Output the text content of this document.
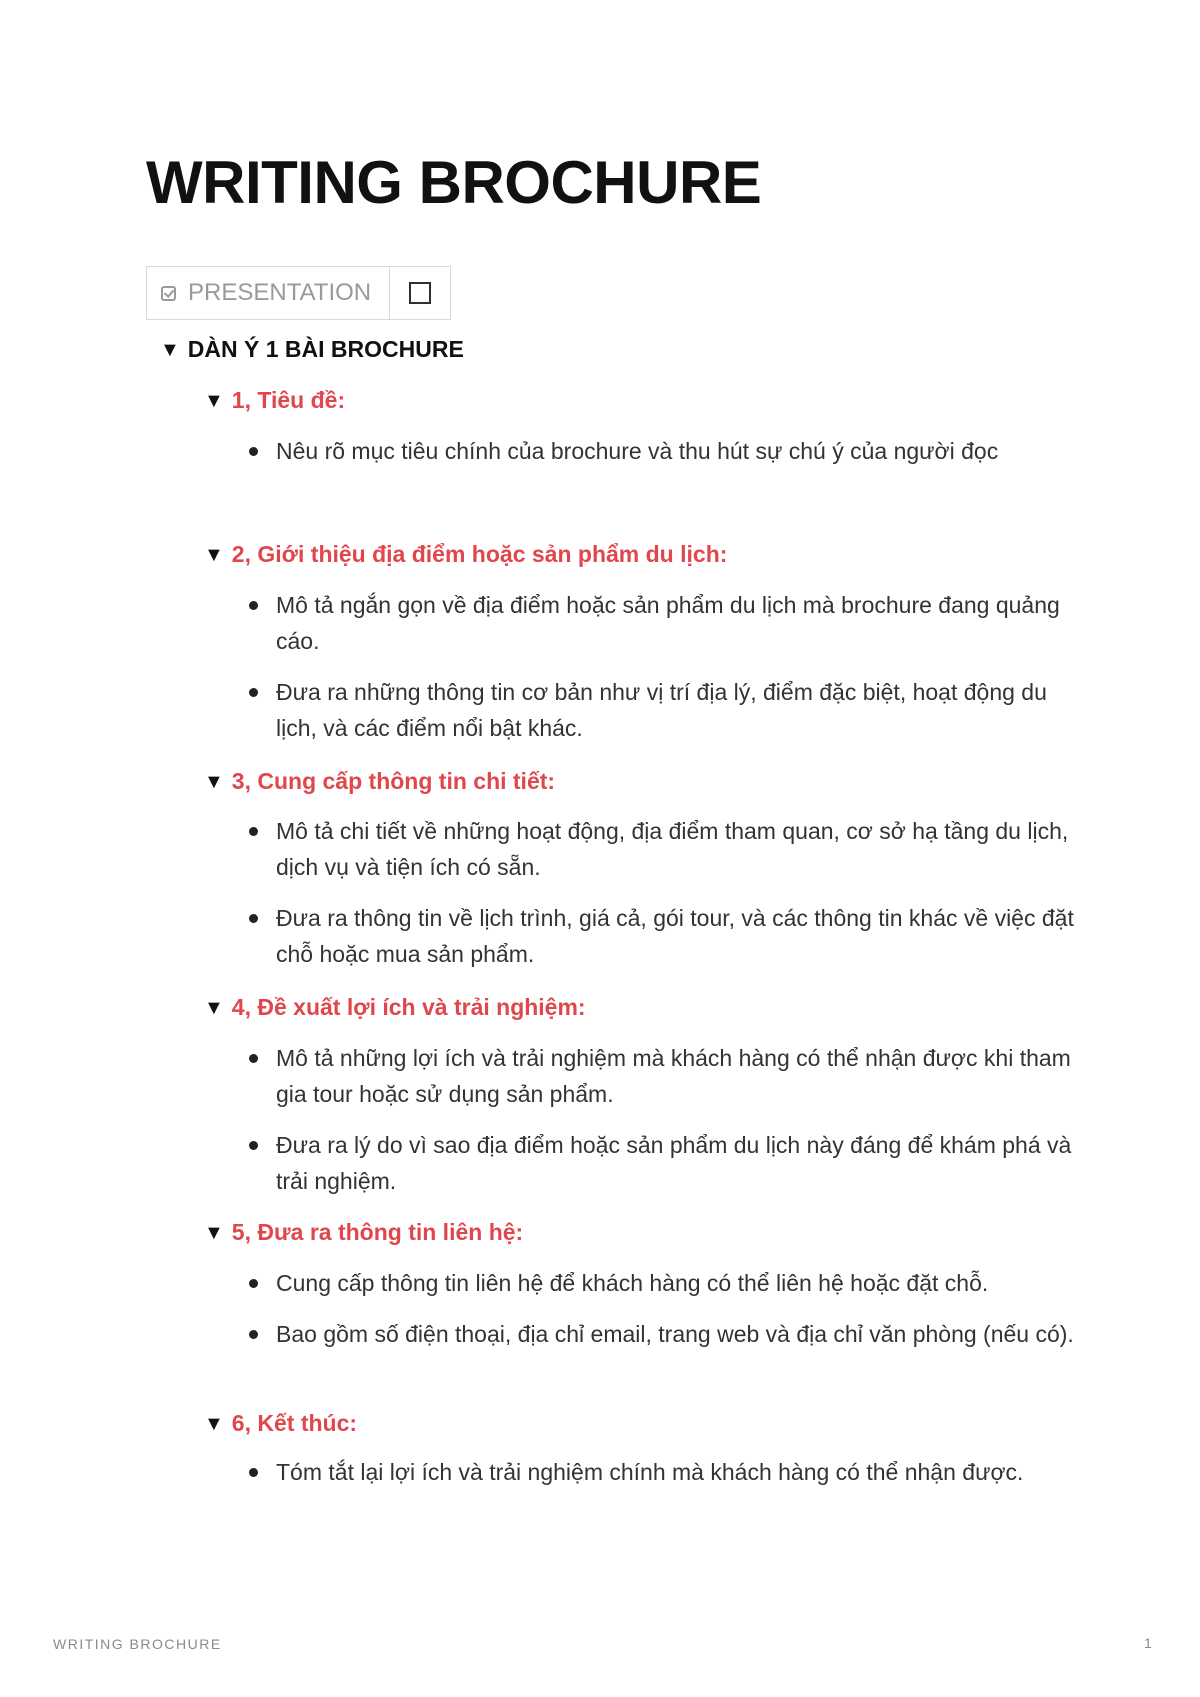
WRITING BROCHURE
PRESENTATION
▼ DÀN Ý 1 BÀI BROCHURE
▼ 1, Tiêu đề:
Nêu rõ mục tiêu chính của brochure và thu hút sự chú ý của người đọc
▼ 2, Giới thiệu địa điểm hoặc sản phẩm du lịch:
Mô tả ngắn gọn về địa điểm hoặc sản phẩm du lịch mà brochure đang quảng cáo.
Đưa ra những thông tin cơ bản như vị trí địa lý, điểm đặc biệt, hoạt động du lịch, và các điểm nổi bật khác.
▼ 3, Cung cấp thông tin chi tiết:
Mô tả chi tiết về những hoạt động, địa điểm tham quan, cơ sở hạ tầng du lịch, dịch vụ và tiện ích có sẵn.
Đưa ra thông tin về lịch trình, giá cả, gói tour, và các thông tin khác về việc đặt chỗ hoặc mua sản phẩm.
▼ 4, Đề xuất lợi ích và trải nghiệm:
Mô tả những lợi ích và trải nghiệm mà khách hàng có thể nhận được khi tham gia tour hoặc sử dụng sản phẩm.
Đưa ra lý do vì sao địa điểm hoặc sản phẩm du lịch này đáng để khám phá và trải nghiệm.
▼ 5, Đưa ra thông tin liên hệ:
Cung cấp thông tin liên hệ để khách hàng có thể liên hệ hoặc đặt chỗ.
Bao gồm số điện thoại, địa chỉ email, trang web và địa chỉ văn phòng (nếu có).
▼ 6, Kết thúc:
Tóm tắt lại lợi ích và trải nghiệm chính mà khách hàng có thể nhận được.
WRITING BROCHURE	1
